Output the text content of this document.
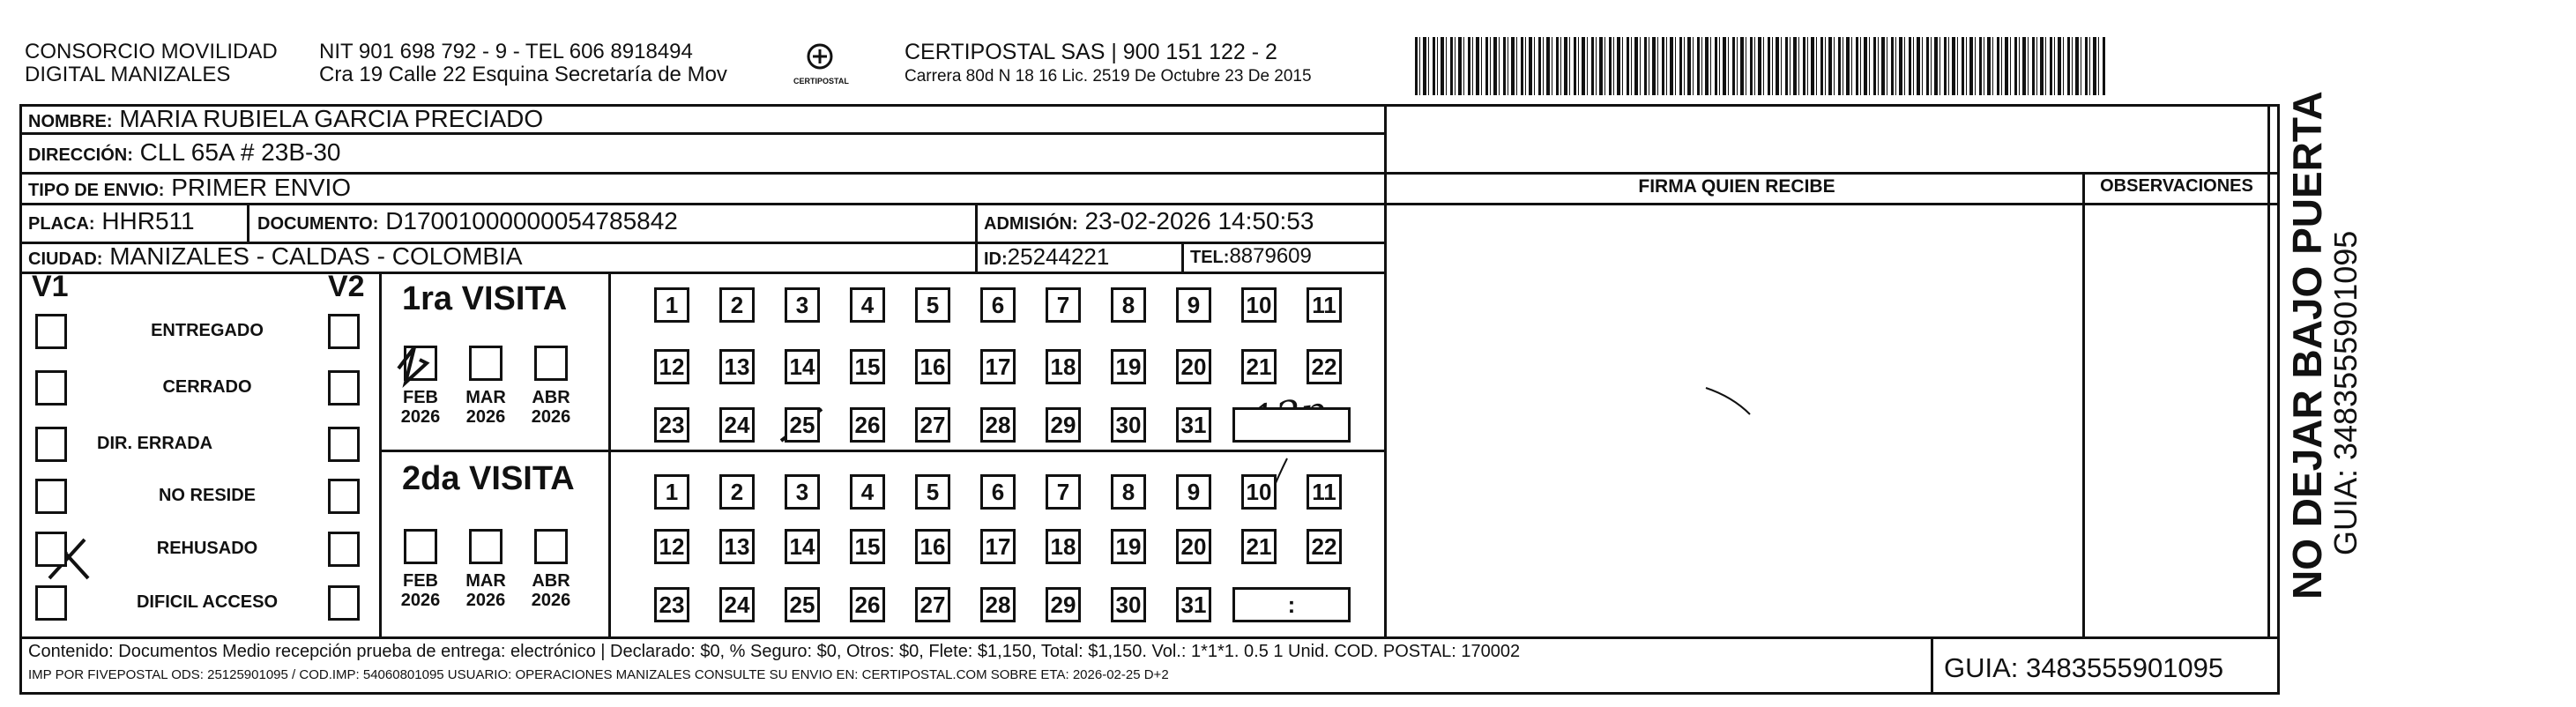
CONSORCIO MOVILIDAD
DIGITAL MANIZALES
NIT 901 698 792 - 9 - TEL 606 8918494
Cra 19 Calle 22 Esquina Secretaría de Mov	CERTIPOSTAL
CERTIPOSTAL SAS | 900 151 122 - 2
Carrera 80d N 18 16 Lic. 2519 De Octubre 23 De 2015
NOMBRE: MARIA RUBIELA GARCIA PRECIADO
DIRECCIÓN: CLL 65A # 23B-30
TIPO DE ENVIO: PRIMER ENVIO
PLACA: HHR511	DOCUMENTO: D17001000000054785842	ADMISIÓN: 23-02-2026 14:50:53
CIUDAD: MANIZALES - CALDAS - COLOMBIA	ID:25244221	TEL:8879609
FIRMA QUIEN RECIBE	OBSERVACIONES
V1	V2 1ra VISITA
2da VISITA
Contenido: Documentos Medio recepción prueba de entrega: electrónico | Declarado: $0, % Seguro: $0, Otros: $0, Flete: $1,150, Total: $1,150. Vol.: 1*1*1. 0.5 1 Unid. COD. POSTAL: 170002
IMP POR FIVEPOSTAL ODS: 25125901095 / COD.IMP: 54060801095 USUARIO: OPERACIONES MANIZALES CONSULTE SU ENVIO EN: CERTIPOSTAL.COM SOBRE ETA: 2026-02-25 D+2	GUIA: 3483555901095
NO DEJAR BAJO PUERTA
GUIA: 3483555901095
ENTREGADO
CERRADO
DIR. ERRADA
NO RESIDE
REHUSADO
DIFICIL ACCESO
FEB
2026
MAR
2026
ABR
2026
FEB
2026
MAR
2026
ABR
2026
1	2	3	4	5	6	7	8	9	10 11
12 13 14 15 16 17 18 19 20 21 22
23 24 25 26 27 28 29 30 31
1	2	3	4	5	6	7	8	9	10 11
12 13 14 15 16 17 18 19 20 21 22
23 24 25 26 27 28 29 30 31	:
